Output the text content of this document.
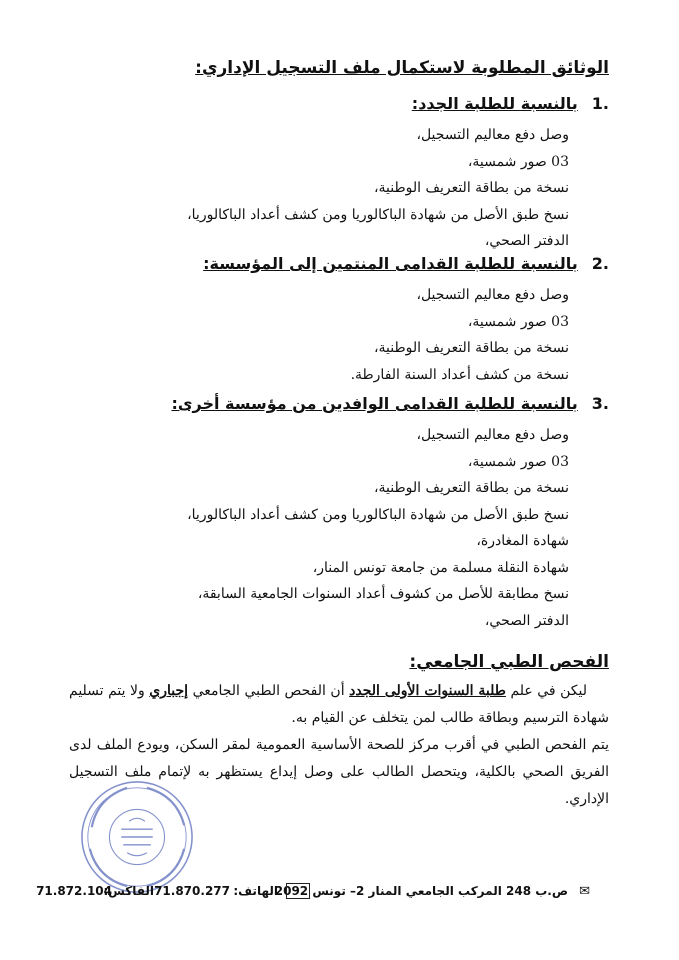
الوثائق المطلوبة لاستكمال ملف التسجيل الإداري:
1.
بالنسبة للطلبة الجدد:
وصل دفع معاليم التسجيل،
03 صور شمسية،
نسخة من بطاقة التعريف الوطنية،
نسخ طبق الأصل من شهادة الباكالوريا ومن كشف أعداد الباكالوريا،
الدفتر الصحي،
2.
بالنسبة للطلبة القدامى المنتمين إلى المؤسسة:
وصل دفع معاليم التسجيل،
03 صور شمسية،
نسخة من بطاقة التعريف الوطنية،
نسخة من كشف أعداد السنة الفارطة.
3.
بالنسبة للطلبة القدامى الوافدين من مؤسسة أخرى:
وصل دفع معاليم التسجيل،
03 صور شمسية،
نسخة من بطاقة التعريف الوطنية،
نسخ طبق الأصل من شهادة الباكالوريا ومن كشف أعداد الباكالوريا،
شهادة المغادرة،
شهادة النقلة مسلمة من جامعة تونس المنار،
نسخ مطابقة للأصل من كشوف أعداد السنوات الجامعية السابقة،
الدفتر الصحي،
الفحص الطبي الجامعي:

ليكن في علم طلبة السنوات الأولى الجدد أن الفحص الطبي الجامعي إجباري ولا يتم تسليم شهادة الترسيم وبطاقة طالب لمن يتخلف عن القيام به.

يتم الفحص الطبي في أقرب مركز للصحة الأساسية العمومية لمقر السكن، ويودع الملف لدى الفريق الصحي بالكلية، ويتحصل الطالب على وصل إيداع يستظهر به لإتمام ملف التسجيل الإداري.

✉
ص.ب 248 المركب الجامعي المنار 2– تونس 2092
الهاتف:
71.870.277
الفاكس:
71.872.104
